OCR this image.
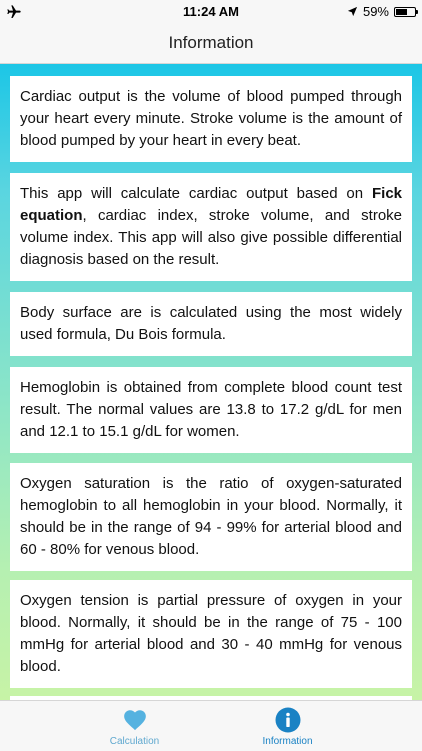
11:24 AM	59%
Information
Cardiac output is the volume of blood pumped through your heart every minute. Stroke volume is the amount of blood pumped by your heart in every beat.
This app will calculate cardiac output based on Fick equation, cardiac index, stroke volume, and stroke volume index. This app will also give possible differential diagnosis based on the result.
Body surface are is calculated using the most widely used formula, Du Bois formula.
Hemoglobin is obtained from complete blood count test result. The normal values are 13.8 to 17.2 g/dL for men and 12.1 to 15.1 g/dL for women.
Oxygen saturation is the ratio of oxygen-saturated hemoglobin to all hemoglobin in your blood. Normally, it should be in the range of 94 - 99% for arterial blood and 60 - 80% for venous blood.
Oxygen tension is partial pressure of oxygen in your blood. Normally, it should be in the range of 75 - 100 mmHg for arterial blood and 30 - 40 mmHg for venous blood.
Calculation	Information
